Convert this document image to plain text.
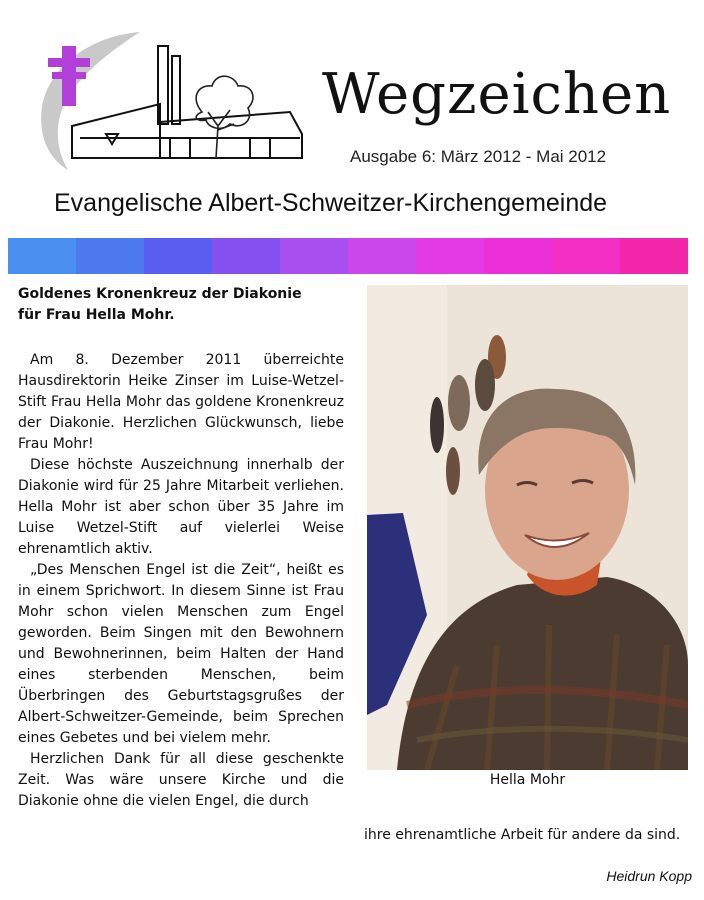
Wegzeichen
Ausgabe 6: März 2012 - Mai 2012
Evangelische Albert-Schweitzer-Kirchengemeinde
Goldenes Kronenkreuz der Diakonie
für Frau Hella Mohr.

Am 8. Dezember 2011 überreichte Hausdirektorin Heike Zinser im Luise-Wetzel-Stift Frau Hella Mohr das goldene Kronenkreuz der Diakonie. Herzlichen Glückwunsch, liebe Frau Mohr!

Diese höchste Auszeichnung innerhalb der Diakonie wird für 25 Jahre Mitarbeit verliehen. Hella Mohr ist aber schon über 35 Jahre im Luise Wetzel-Stift auf vielerlei Weise ehrenamtlich aktiv.

„Des Menschen Engel ist die Zeit“, heißt es in einem Sprichwort. In diesem Sinne ist Frau Mohr schon vielen Menschen zum Engel geworden. Beim Singen mit den Bewohnern und Bewohnerinnen, beim Halten der Hand eines sterbenden Menschen, beim Überbringen des Geburtstagsgrußes der Albert-Schweitzer-Gemeinde, beim Sprechen eines Gebetes und bei vielem mehr.

Herzlichen Dank für all diese geschenkte Zeit. Was wäre unsere Kirche und die Diakonie ohne die vielen Engel, die durch

Hella Mohr

ihre ehrenamtliche Arbeit für andere da sind.

Heidrun Kopp
